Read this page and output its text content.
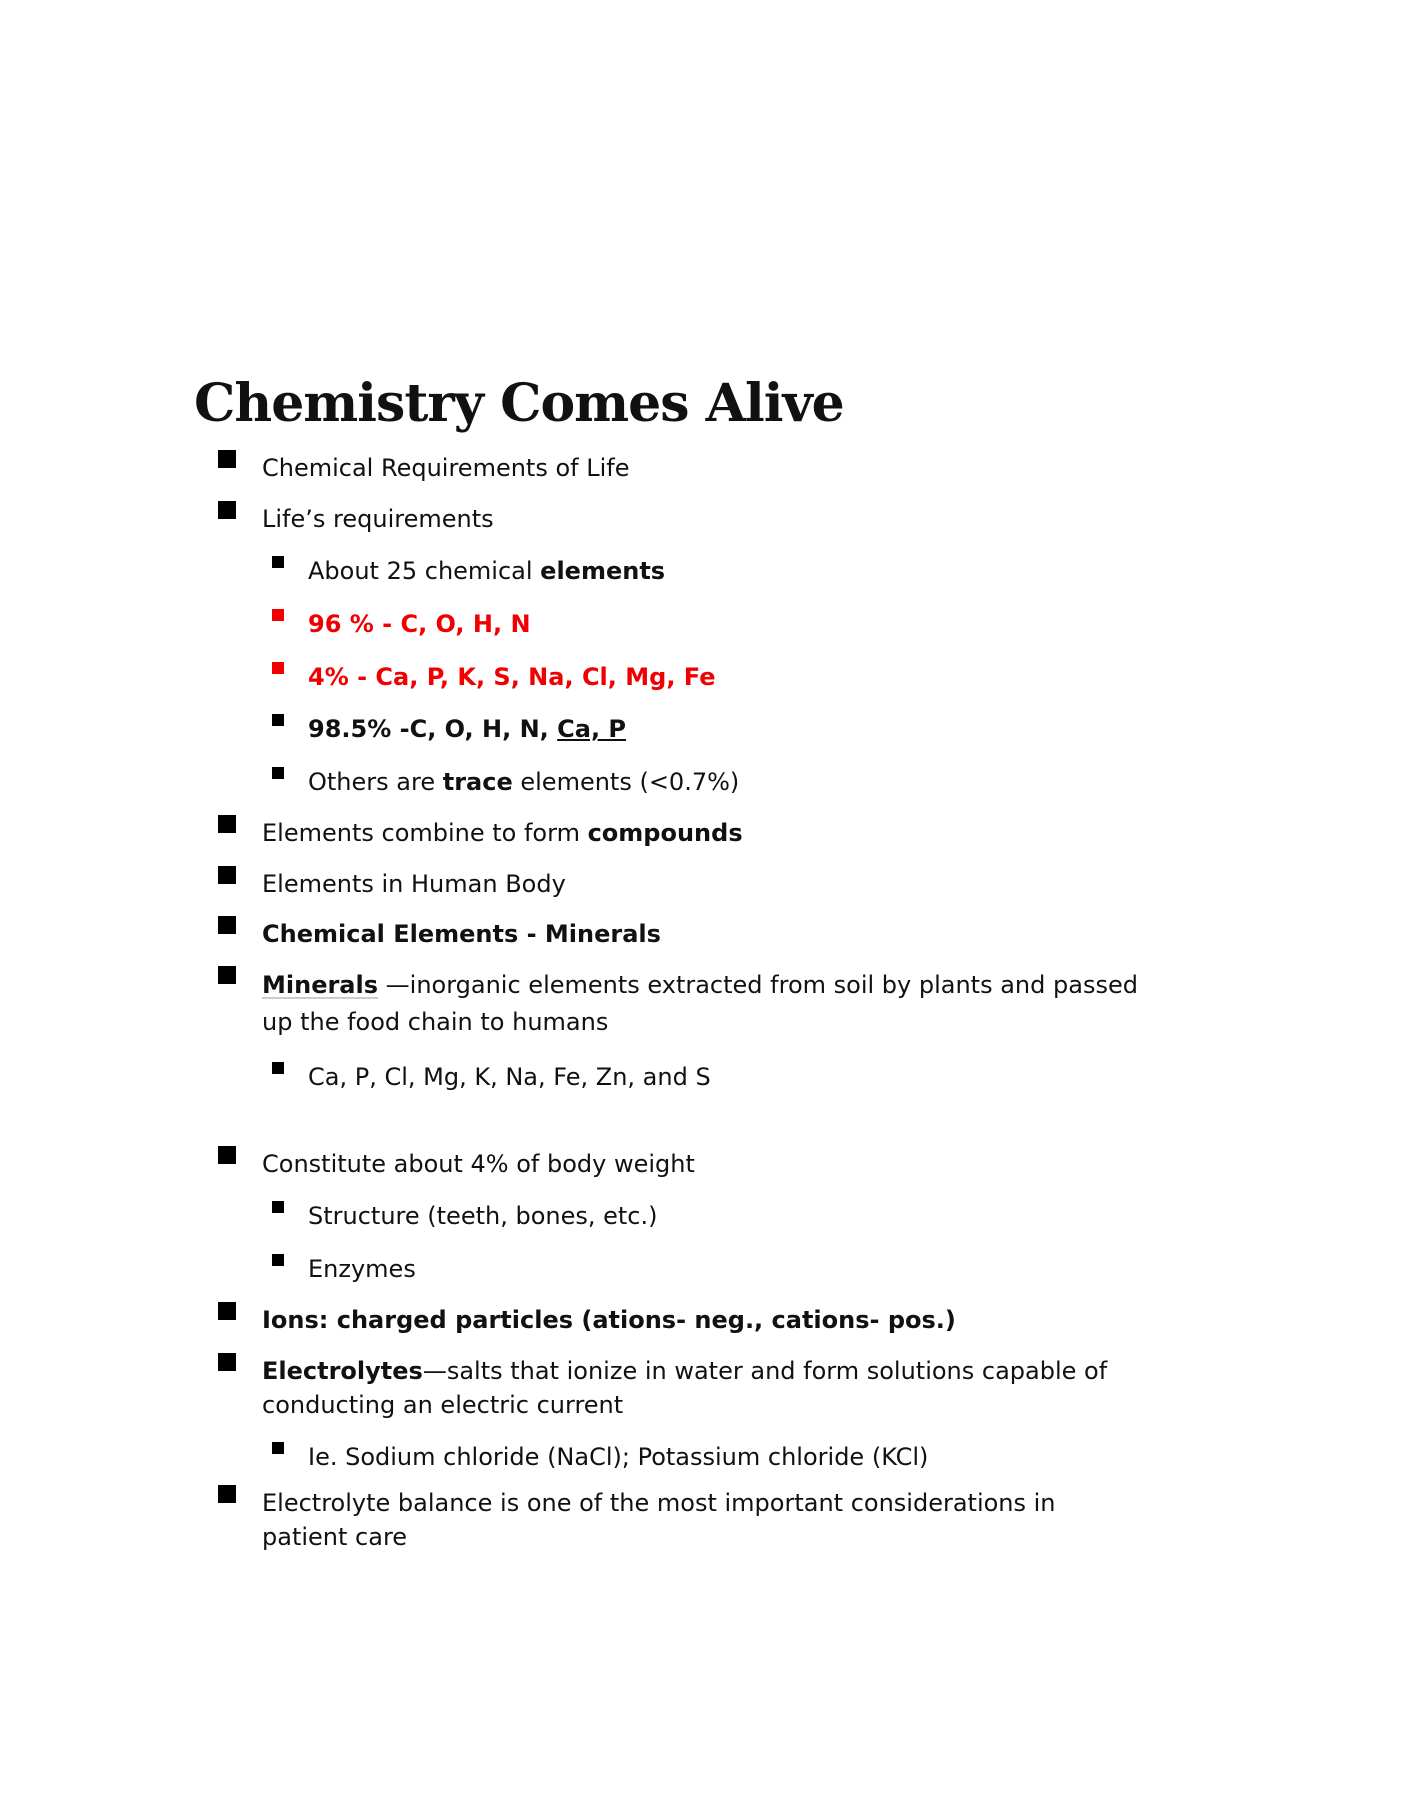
Chemistry Comes Alive
Chemical Requirements of Life
Life’s requirements
About 25 chemical elements
96 % - C, O, H, N
4% - Ca, P, K, S, Na, Cl, Mg, Fe
98.5% -C, O, H, N, Ca, P
Others are trace elements (<0.7%)
Elements combine to form compounds
Elements in Human Body
Chemical Elements - Minerals
Minerals —inorganic elements extracted from soil by plants and passed up the food chain to humans
Ca, P, Cl, Mg, K, Na, Fe, Zn, and S
Constitute about 4% of body weight
Structure (teeth, bones, etc.)
Enzymes
Ions: charged particles (ations- neg., cations- pos.)
Electrolytes—salts that ionize in water and form solutions capable of conducting an electric current
Ie. Sodium chloride (NaCl); Potassium chloride (KCl)
Electrolyte balance is one of the most important considerations in patient care
